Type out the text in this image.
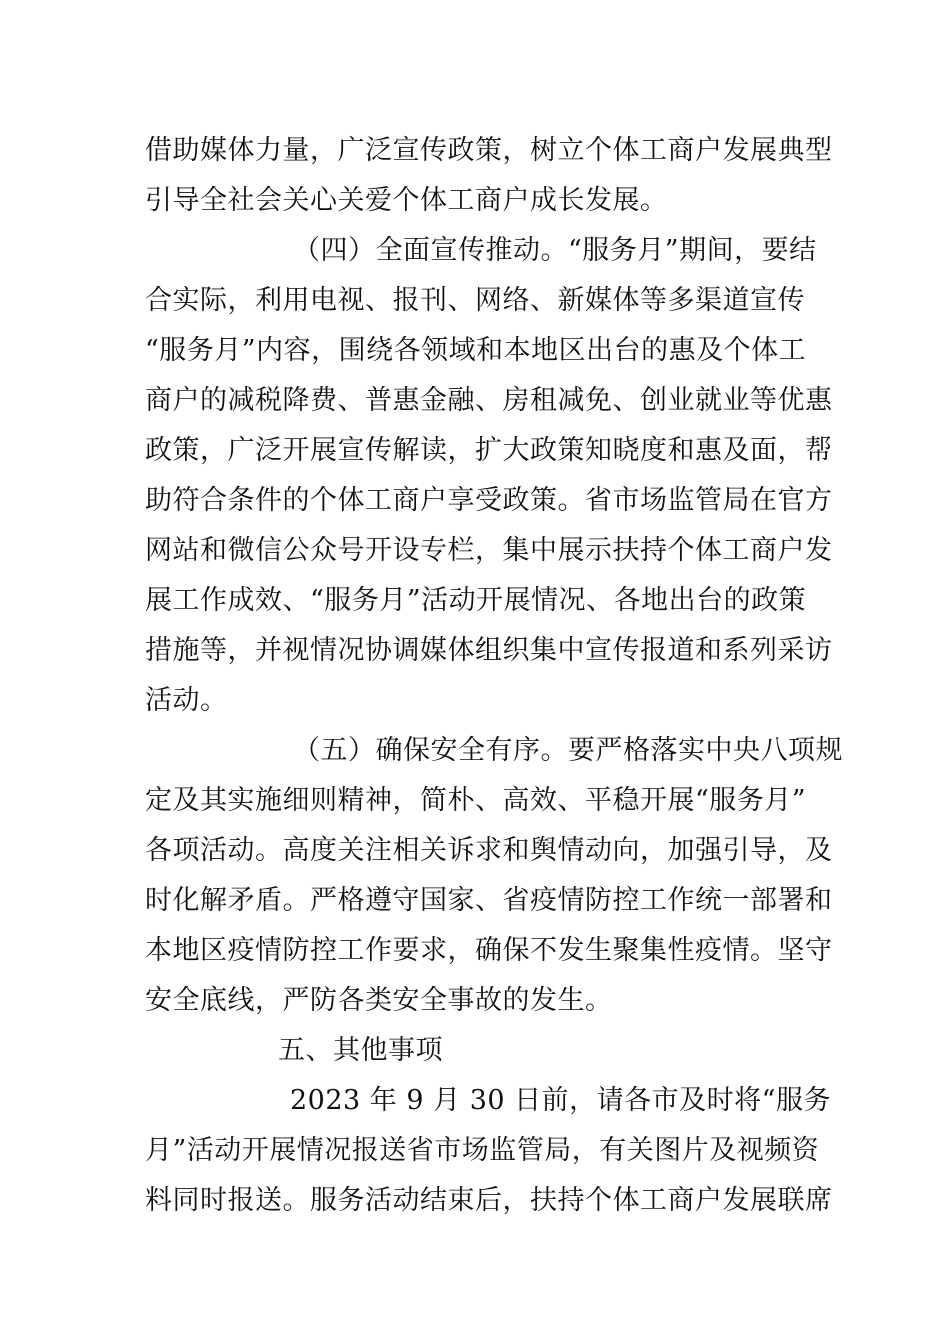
借助媒体力量，广泛宣传政策，树立个体工商户发展典型
引导全社会关心关爱个体工商户成长发展。
（四）全面宣传推动。“服务月”期间，要结
合实际，利用电视、报刊、网络、新媒体等多渠道宣传
“服务月”内容，围绕各领域和本地区出台的惠及个体工
商户的减税降费、普惠金融、房租减免、创业就业等优惠
政策，广泛开展宣传解读，扩大政策知晓度和惠及面，帮
助符合条件的个体工商户享受政策。省市场监管局在官方
网站和微信公众号开设专栏，集中展示扶持个体工商户发
展工作成效、“服务月”活动开展情况、各地出台的政策
措施等，并视情况协调媒体组织集中宣传报道和系列采访
活动。
（五）确保安全有序。要严格落实中央八项规
定及其实施细则精神，简朴、高效、平稳开展“服务月”
各项活动。高度关注相关诉求和舆情动向，加强引导，及
时化解矛盾。严格遵守国家、省疫情防控工作统一部署和
本地区疫情防控工作要求，确保不发生聚集性疫情。坚守
安全底线，严防各类安全事故的发生。
五、其他事项
2023 年 9 月 30 日前，请各市及时将“服务
月”活动开展情况报送省市场监管局，有关图片及视频资
料同时报送。服务活动结束后，扶持个体工商户发展联席
